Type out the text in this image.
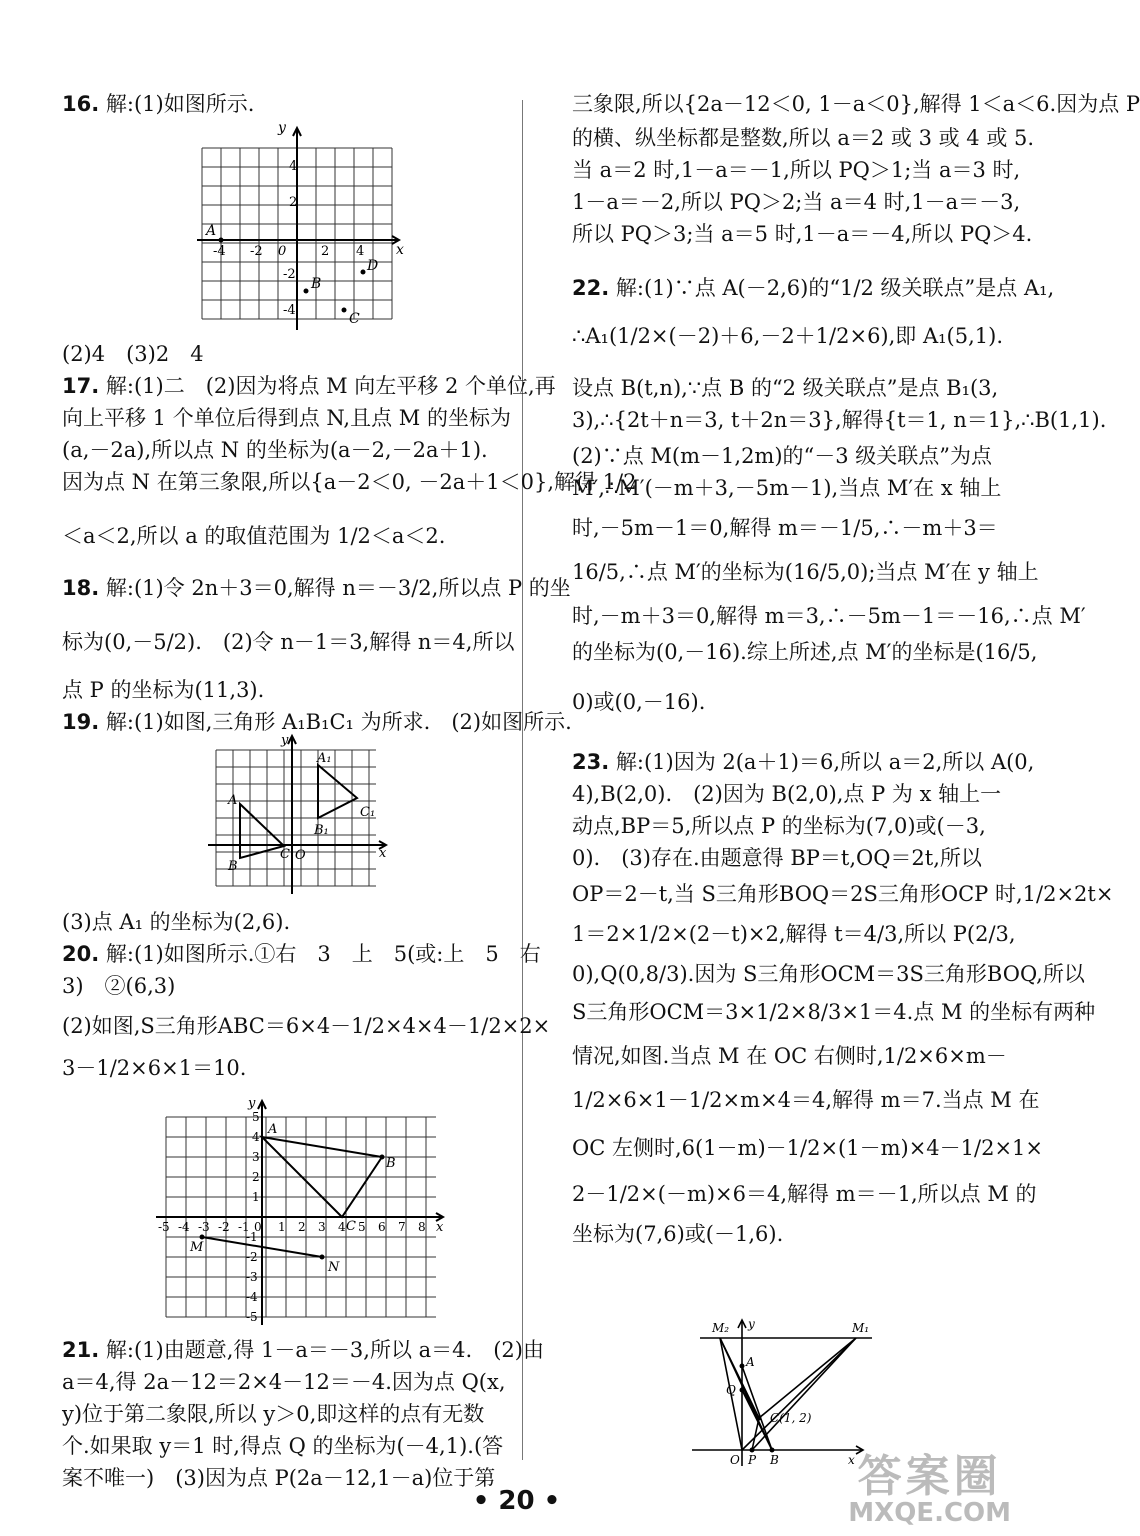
16. 解:(1)如图所示.
(2)4　(3)2　4
17. 解:(1)二　(2)因为将点 M 向左平移 2 个单位,再
向上平移 1 个单位后得到点 N,且点 M 的坐标为
(a,－2a),所以点 N 的坐标为(a－2,－2a＋1).
因为点 N 在第三象限,所以{a－2＜0, －2a＋1＜0},解得 1/2
＜a＜2,所以 a 的取值范围为 1/2＜a＜2.
18. 解:(1)令 2n＋3＝0,解得 n＝－3/2,所以点 P 的坐
标为(0,－5/2).　(2)令 n－1＝3,解得 n＝4,所以
点 P 的坐标为(11,3).
19. 解:(1)如图,三角形 A₁B₁C₁ 为所求.　(2)如图所示.
(3)点 A₁ 的坐标为(2,6).
20. 解:(1)如图所示.①右　3　上　5(或:上　5　右
3)　②(6,3)
(2)如图,S三角形ABC＝6×4－1/2×4×4－1/2×2×
3－1/2×6×1＝10.
21. 解:(1)由题意,得 1－a＝－3,所以 a＝4.　(2)由
a＝4,得 2a－12＝2×4－12＝－4.因为点 Q(x,
y)位于第二象限,所以 y＞0,即这样的点有无数
个.如果取 y＝1 时,得点 Q 的坐标为(－4,1).(答
案不唯一)　(3)因为点 P(2a－12,1－a)位于第
三象限,所以{2a－12＜0, 1－a＜0},解得 1＜a＜6.因为点 P
的横、纵坐标都是整数,所以 a＝2 或 3 或 4 或 5.
当 a＝2 时,1－a＝－1,所以 PQ＞1;当 a＝3 时,
1－a＝－2,所以 PQ＞2;当 a＝4 时,1－a＝－3,
所以 PQ＞3;当 a＝5 时,1－a＝－4,所以 PQ＞4.
22. 解:(1)∵点 A(－2,6)的“1/2 级关联点”是点 A₁,
∴A₁(1/2×(－2)＋6,－2＋1/2×6),即 A₁(5,1).
设点 B(t,n),∵点 B 的“2 级关联点”是点 B₁(3,
3),∴{2t＋n＝3, t＋2n＝3},解得{t＝1, n＝1},∴B(1,1).
(2)∵点 M(m－1,2m)的“－3 级关联点”为点
M′,∴M′(－m＋3,－5m－1),当点 M′在 x 轴上
时,－5m－1＝0,解得 m＝－1/5,∴－m＋3＝
16/5,∴点 M′的坐标为(16/5,0);当点 M′在 y 轴上
时,－m＋3＝0,解得 m＝3,∴－5m－1＝－16,∴点 M′
的坐标为(0,－16).综上所述,点 M′的坐标是(16/5,
0)或(0,－16).
23. 解:(1)因为 2(a＋1)＝6,所以 a＝2,所以 A(0,
4),B(2,0).　(2)因为 B(2,0),点 P 为 x 轴上一
动点,BP＝5,所以点 P 的坐标为(7,0)或(－3,
0).　(3)存在.由题意得 BP＝t,OQ＝2t,所以
OP＝2－t,当 S三角形BOQ＝2S三角形OCP 时,1/2×2t×
1＝2×1/2×(2－t)×2,解得 t＝4/3,所以 P(2/3,
0),Q(0,8/3).因为 S三角形OCM＝3S三角形BOQ,所以
S三角形OCM＝3×1/2×8/3×1＝4.点 M 的坐标有两种
情况,如图.当点 M 在 OC 右侧时,1/2×6×m－
1/2×6×1－1/2×m×4＝4,解得 m＝7.当点 M 在
OC 左侧时,6(1－m)－1/2×(1－m)×4－1/2×1×
2－1/2×(－m)×6＝4,解得 m＝－1,所以点 M 的
坐标为(7,6)或(－1,6).
y
x
-4 -2 0	2 4
4
2
-2
-4
A
B
C
D
y
x
O
A
B
C
A₁
B₁
C₁
y
x
-5 -4 -3 -2 -1 0 1 2 3 4 5 6 7 8
5
4
3
2
1
-1
-2
-3
-4
-5
A
B
C
M
N
y
x
M₂	M₁
A
Q
C(1, 2)
O P B
• 20 •	答案圈
MXQE.COM
